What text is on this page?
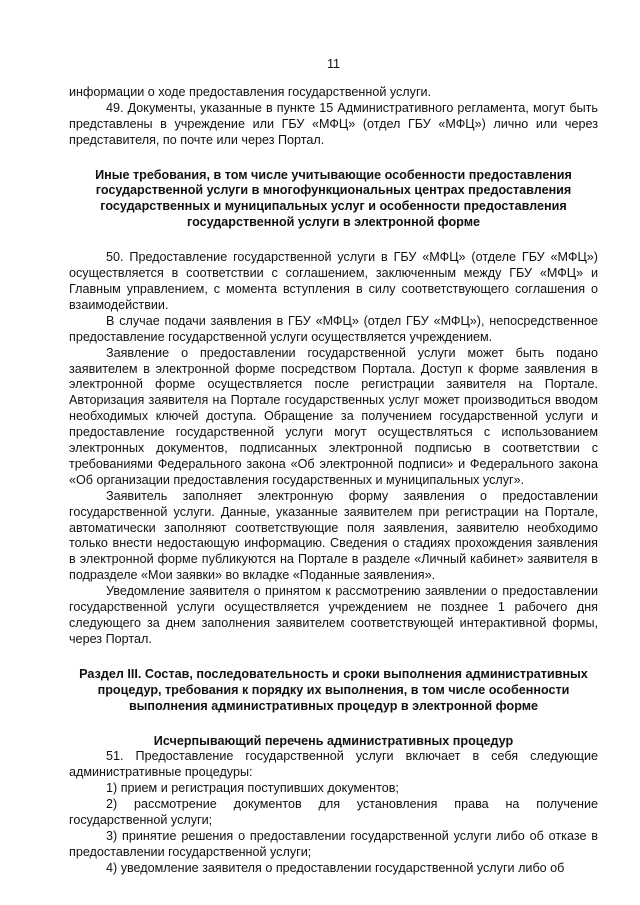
11

информации о ходе предоставления государственной услуги.

49. Документы, указанные в пункте 15 Административного регламента, могут быть представлены в учреждение или ГБУ «МФЦ» (отдел ГБУ «МФЦ») лично или через представителя, по почте или через Портал.

Иные требования, в том числе учитывающие особенности предоставления государственной услуги в многофункциональных центрах предоставления государственных и муниципальных услуг и особенности предоставления государственной услуги в электронной форме

50. Предоставление государственной услуги в ГБУ «МФЦ» (отделе ГБУ «МФЦ») осуществляется в соответствии с соглашением, заключенным между ГБУ «МФЦ» и Главным управлением, с момента вступления в силу соответствующего соглашения о взаимодействии.

В случае подачи заявления в ГБУ «МФЦ» (отдел ГБУ «МФЦ»), непосредственное предоставление государственной услуги осуществляется учреждением.

Заявление о предоставлении государственной услуги может быть подано заявителем в электронной форме посредством Портала. Доступ к форме заявления в электронной форме осуществляется после регистрации заявителя на Портале. Авторизация заявителя на Портале государственных услуг может производиться вводом необходимых ключей доступа. Обращение за получением государственной услуги и предоставление государственной услуги могут осуществляться с использованием электронных документов, подписанных электронной подписью в соответствии с требованиями Федерального закона «Об электронной подписи» и Федерального закона «Об организации предоставления государственных и муниципальных услуг».

Заявитель заполняет электронную форму заявления о предоставлении государственной услуги. Данные, указанные заявителем при регистрации на Портале, автоматически заполняют соответствующие поля заявления, заявителю необходимо только внести недостающую информацию. Сведения о стадиях прохождения заявления в электронной форме публикуются на Портале в разделе «Личный кабинет» заявителя в подразделе «Мои заявки» во вкладке «Поданные заявления».

Уведомление заявителя о принятом к рассмотрению заявлении о предоставлении государственной услуги осуществляется учреждением не позднее 1 рабочего дня следующего за днем заполнения заявителем соответствующей интерактивной формы, через Портал.

Раздел III. Состав, последовательность и сроки выполнения административных процедур, требования к порядку их выполнения, в том числе особенности выполнения административных процедур в электронной форме
Исчерпывающий перечень административных процедур

51. Предоставление государственной услуги включает в себя следующие административные процедуры:

1) прием и регистрация поступивших документов;

2) рассмотрение документов для установления права на получение государственной услуги;

3) принятие решения о предоставлении государственной услуги либо об отказе в предоставлении государственной услуги;

4) уведомление заявителя о предоставлении государственной услуги либо об
